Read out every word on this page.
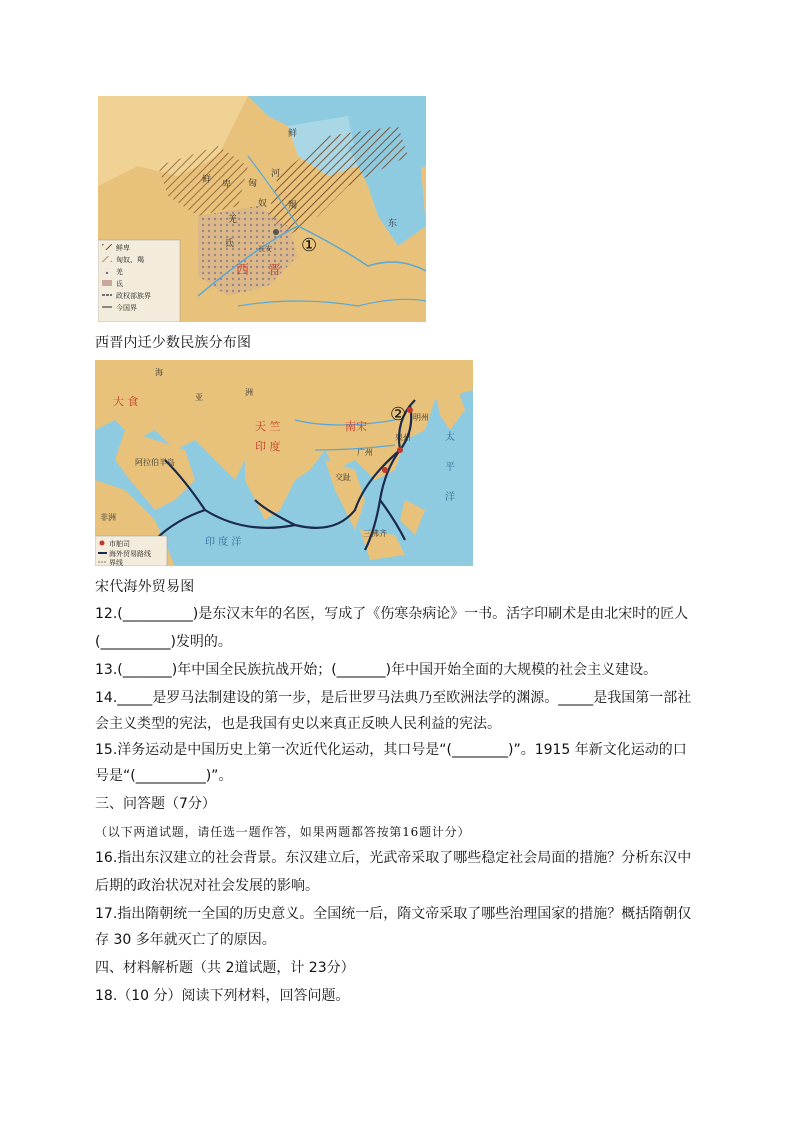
鲜卑
匈奴、羯
羌
氐
政权部族界
今国界
鲜
鲜 卑 匈
奴
河
羯
羌
氐	长安
东
①
西 晋
西晋内迁少数民族分布图
市舶司
海外贸易路线
界线
大 食
天 竺
印 度
南宋
亚
洲
阿拉伯半岛
明州
广州
泉州
交趾
三佛齐
非洲
海
太
平
洋
印 度 洋
②
宋代海外贸易图
12.(__________)是东汉末年的名医，写成了《伤寒杂病论》一书。活字印刷术是由北宋时的匠人
(__________)发明的。
13.(_______)年中国全民族抗战开始；(_______)年中国开始全面的大规模的社会主义建设。
14._____是罗马法制建设的第一步，是后世罗马法典乃至欧洲法学的渊源。_____是我国第一部社
会主义类型的宪法，也是我国有史以来真正反映人民利益的宪法。
15.洋务运动是中国历史上第一次近代化运动，其口号是“(________)”。1915 年新文化运动的口
号是“(__________)”。
三、问答题（7分）
（以下两道试题，请任选一题作答，如果两题都答按第16题计分）
16.指出东汉建立的社会背景。东汉建立后，光武帝采取了哪些稳定社会局面的措施？分析东汉中
后期的政治状况对社会发展的影响。
17.指出隋朝统一全国的历史意义。全国统一后，隋文帝采取了哪些治理国家的措施？概括隋朝仅
存 30 多年就灭亡了的原因。
四、材料解析题（共 2道试题，计 23分）
18.（10 分）阅读下列材料，回答问题。
